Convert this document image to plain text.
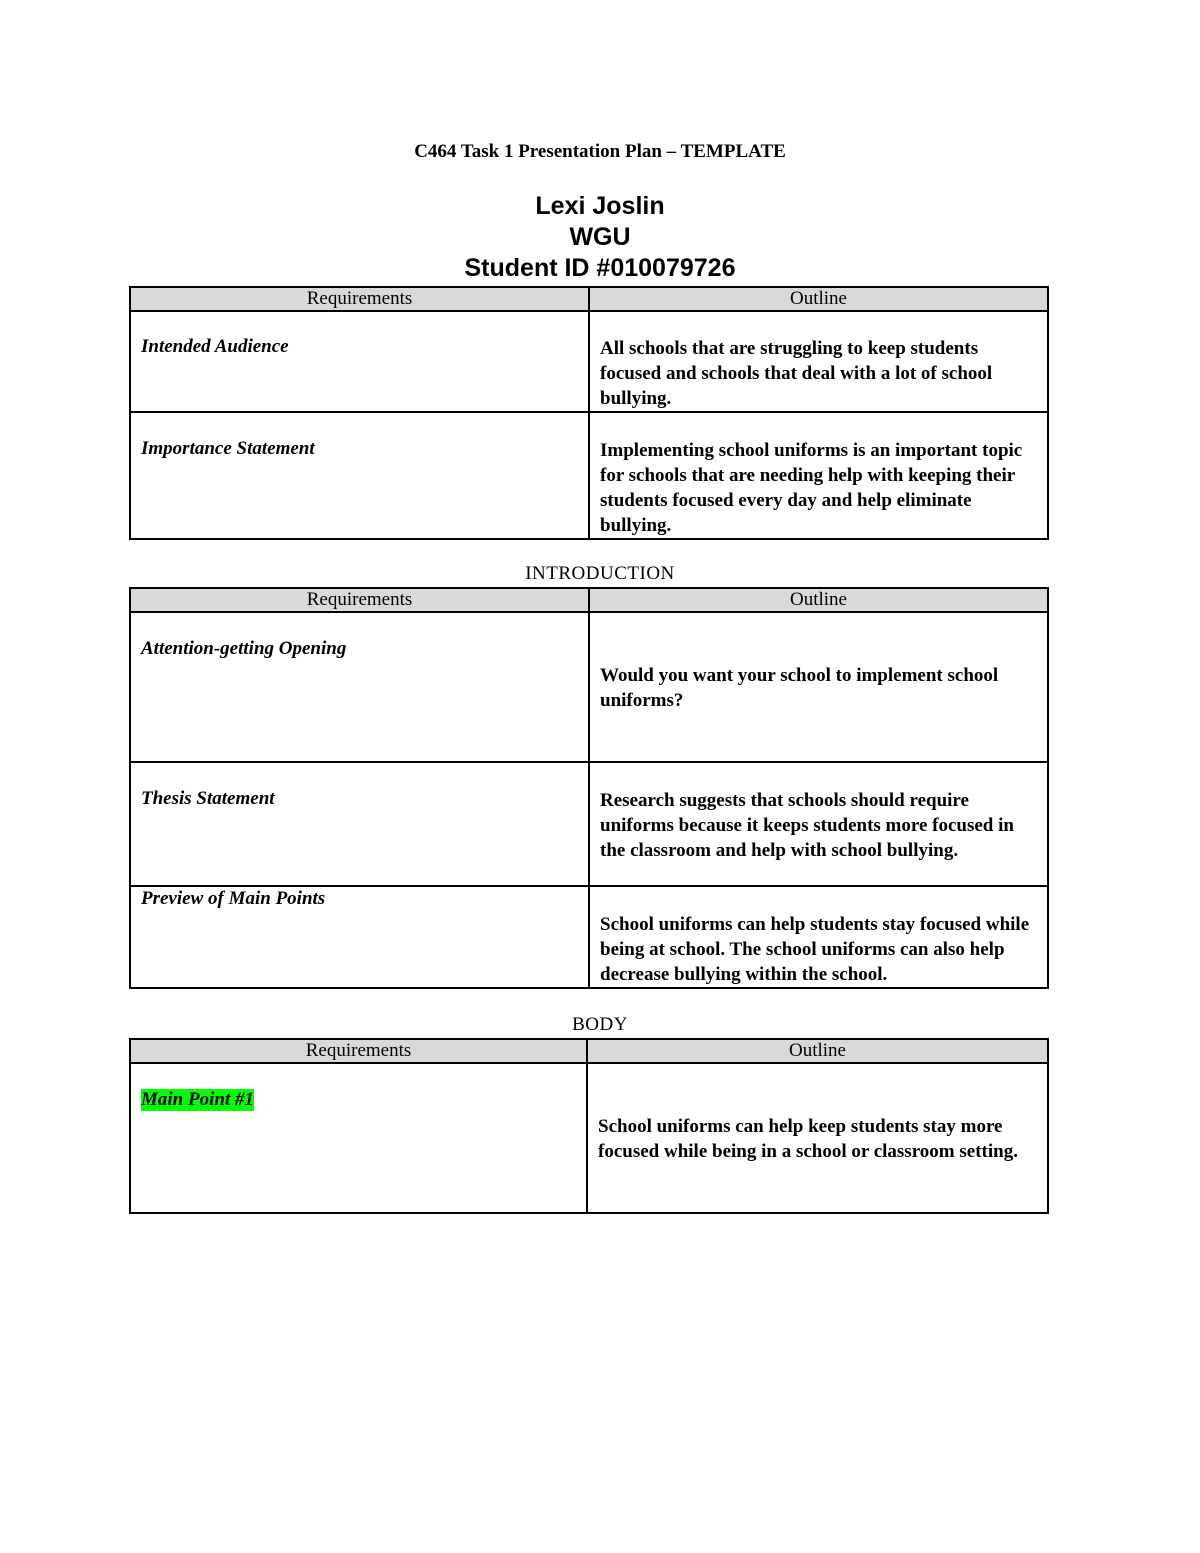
C464 Task 1 Presentation Plan – TEMPLATE
Lexi Joslin
WGU
Student ID #010079726
Requirements	Outline
Intended Audience	All schools that are struggling to keep students focused and schools that deal with a lot of school bullying.

Importance Statement	Implementing school uniforms is an important topic for schools that are needing help with keeping their students focused every day and help eliminate bullying.
INTRODUCTION
Requirements	Outline
Attention-getting Opening	Would you want your school to implement school uniforms?

Thesis Statement	Research suggests that schools should require uniforms because it keeps students more focused in the classroom and help with school bullying.

Preview of Main Points	School uniforms can help students stay focused while being at school. The school uniforms can also help decrease bullying within the school.
BODY
Requirements	Outline
Main Point #1	School uniforms can help keep students stay more focused while being in a school or classroom setting.
